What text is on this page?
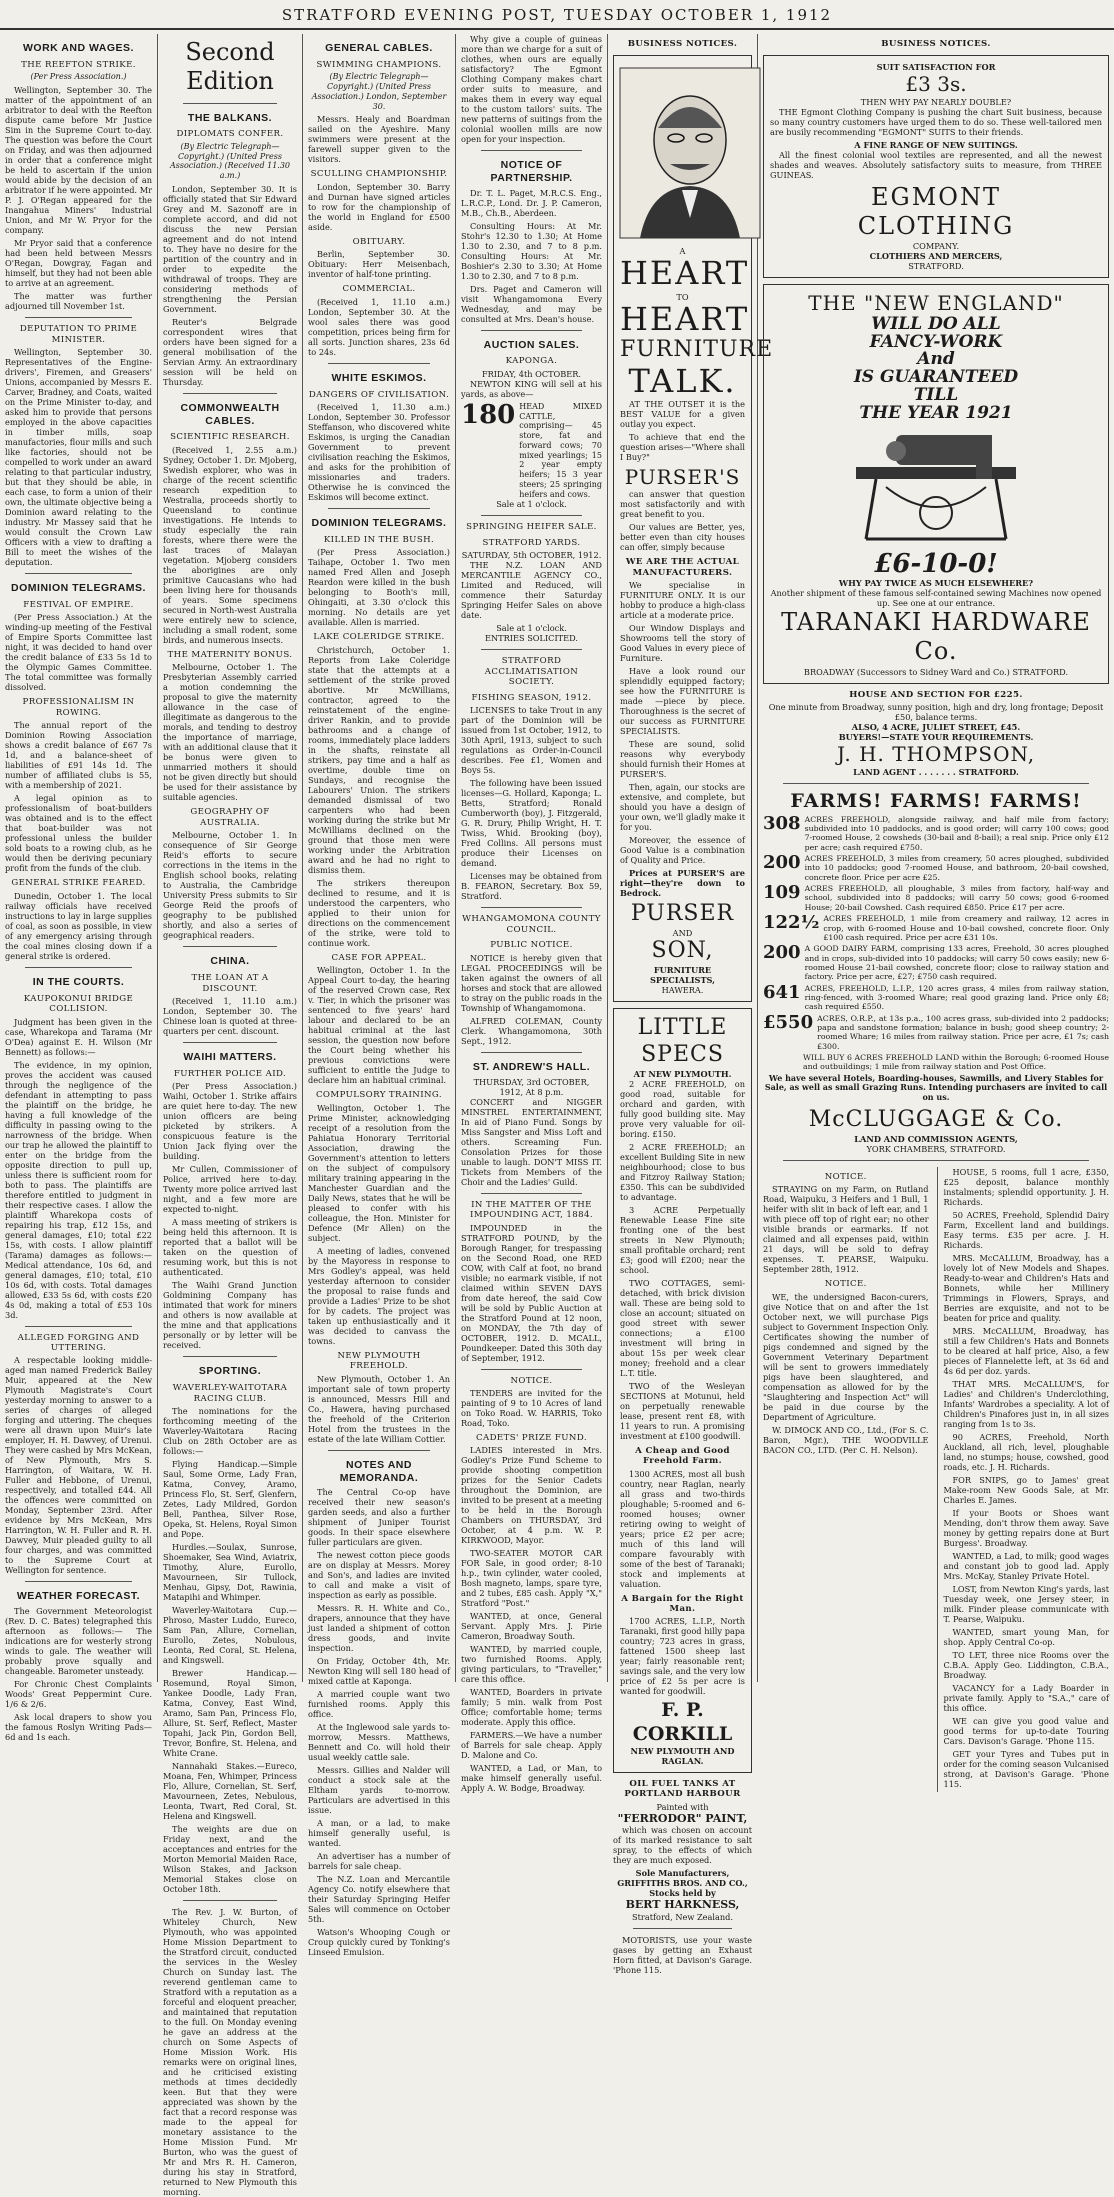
STRATFORD EVENING POST, TUESDAY OCTOBER 1, 1912
WORK AND WAGES.
THE REEFTON STRIKE.
(Per Press Association.)

Wellington, September 30. The matter of the appointment of an arbitrator to deal with the Reefton dispute came before Mr Justice Sim in the Supreme Court to-day. The question was before the Court on Friday, and was then adjourned in order that a conference might be held to ascertain if the union would abide by the decision of an arbitrator if he were appointed. Mr P. J. O'Regan appeared for the Inangahua Miners' Industrial Union, and Mr W. Pryor for the company.

Mr Pryor said that a conference had been held between Messrs O'Regan, Dowgray, Fagan and himself, but they had not been able to arrive at an agreement.

The matter was further adjourned till November 1st.

DEPUTATION TO PRIME MINISTER.

Wellington, September 30. Representatives of the Engine-drivers', Firemen, and Greasers' Unions, accompanied by Messrs E. Carver, Bradney, and Coats, waited on the Prime Minister to-day, and asked him to provide that persons employed in the above capacities in timber mills, soap manufactories, flour mills and such like factories, should not be compelled to work under an award relating to that particular industry, but that they should be able, in each case, to form a union of their own, the ultimate objective being a Dominion award relating to the industry. Mr Massey said that he would consult the Crown Law Officers with a view to drafting a Bill to meet the wishes of the deputation.

DOMINION TELEGRAMS.
FESTIVAL OF EMPIRE.

(Per Press Association.) At the winding-up meeting of the Festival of Empire Sports Committee last night, it was decided to hand over the credit balance of £33 5s 1d to the Olympic Games Committee. The total committee was formally dissolved.

PROFESSIONALISM IN ROWING.

The annual report of the Dominion Rowing Association shows a credit balance of £67 7s 1d, and a balance-sheet of liabilities of £91 14s 1d. The number of affiliated clubs is 55, with a membership of 2021.

A legal opinion as to professionalism of boat-builders was obtained and is to the effect that boat-builder was not professional unless the builder sold boats to a rowing club, as he would then be deriving pecuniary profit from the funds of the club.

GENERAL STRIKE FEARED.

Dunedin, October 1. The local railway officials have received instructions to lay in large supplies of coal, as soon as possible, in view of any emergency arising through the coal mines closing down if a general strike is ordered.

IN THE COURTS.
KAUPOKONUI BRIDGE COLLISION.

Judgment has been given in the case, Wharekopa and Tarama (Mr O'Dea) against E. H. Wilson (Mr Bennett) as follows:—

The evidence, in my opinion, proves the accident was caused through the negligence of the defendant in attempting to pass the plaintiff on the bridge, he having a full knowledge of the difficulty in passing owing to the narrowness of the bridge. When our trap he allowed the plaintiff to enter on the bridge from the opposite direction to pull up, unless there is sufficient room for both to pass. The plaintiffs are therefore entitled to judgment in their respective cases. I allow the plaintiff Wharekopa costs of repairing his trap, £12 15s, and general damages, £10; total £22 15s, with costs. I allow plaintiff (Tarama) damages as follows:—Medical attendance, 10s 6d, and general damages, £10; total, £10 10s 6d, with costs. Total damages allowed, £33 5s 6d, with costs £20 4s 0d, making a total of £53 10s 3d.

ALLEGED FORGING AND UTTERING.

A respectable looking middle-aged man named Frederick Bailey Muir, appeared at the New Plymouth Magistrate's Court yesterday morning to answer to a series of charges of alleged forging and uttering. The cheques were all drawn upon Muir's late employer, H. H. Dawvey, of Urenui. They were cashed by Mrs McKean, of New Plymouth, Mrs S. Harrington, of Waitara, W. H. Fuller and Hebbone, of Urenui, respectively, and totalled £44. All the offences were committed on Monday, September 23rd. After evidence by Mrs McKean, Mrs Harrington, W. H. Fuller and R. H. Dawvey, Muir pleaded guilty to all four charges, and was committed to the Supreme Court at Wellington for sentence.

WEATHER FORECAST.

The Government Meteorologist (Rev. D. C. Bates) telegraphed this afternoon as follows:— The indications are for westerly strong winds to gale. The weather will probably prove squally and changeable. Barometer unsteady.

For Chronic Chest Complaints Woods' Great Peppermint Cure. 1/6 & 2/6.

Ask local drapers to show you the famous Roslyn Writing Pads—6d and 1s each.

Second Edition
THE BALKANS.
DIPLOMATS CONFER.
(By Electric Telegraph—Copyright.) (United Press Association.) (Received 11.30 a.m.)

London, September 30. It is officially stated that Sir Edward Grey and M. Sazonoff are in complete accord, and did not discuss the new Persian agreement and do not intend to. They have no desire for the partition of the country and in order to expedite the withdrawal of troops. They are considering methods of strengthening the Persian Government.

Reuter's Belgrade correspondent wires that orders have been signed for a general mobilisation of the Servian Army. An extraordinary session will be held on Thursday.

COMMONWEALTH CABLES.
SCIENTIFIC RESEARCH.

(Received 1, 2.55 a.m.) Sydney, October 1. Dr. Mjoberg, Swedish explorer, who was in charge of the recent scientific research expedition to Westralia, proceeds shortly to Queensland to continue investigations. He intends to study especially the rain forests, where there were the last traces of Malayan vegetation. Mjoberg considers the aborigines are only primitive Caucasians who had been living here for thousands of years. Some specimens secured in North-west Australia were entirely new to science, including a small rodent, some birds, and numerous insects.

THE MATERNITY BONUS.

Melbourne, October 1. The Presbyterian Assembly carried a motion condemning the proposal to give the maternity allowance in the case of illegitimate as dangerous to the morals, and tending to destroy the importance of marriage, with an additional clause that it be bonus were given to unmarried mothers it should not be given directly but should be used for their assistance by suitable agencies.

GEOGRAPHY OF AUSTRALIA.

Melbourne, October 1. In consequence of Sir George Reid's efforts to secure corrections in the items in the English school books, relating to Australia, the Cambridge University Press submits to Sir George Reid the proofs of geography to be published shortly, and also a series of geographical readers.

CHINA.
THE LOAN AT A DISCOUNT.

(Received 1, 11.10 a.m.) London, September 30. The Chinese loan is quoted at three-quarters per cent. discount.

WAIHI MATTERS.
FURTHER POLICE AID.

(Per Press Association.) Waihi, October 1. Strike affairs are quiet here to-day. The new union officers are being picketed by strikers. A conspicuous feature is the Union Jack flying over the building.

Mr Cullen, Commissioner of Police, arrived here to-day. Twenty more police arrived last night, and a few more are expected to-night.

A mass meeting of strikers is being held this afternoon. It is reported that a ballot will be taken on the question of resuming work, but this is not authenticated.

The Waihi Grand Junction Goldmining Company has intimated that work for miners and others is now available at the mine and that applications personally or by letter will be received.

SPORTING.
WAVERLEY-WAITOTARA RACING CLUB.

The nominations for the forthcoming meeting of the Waverley-Waitotara Racing Club on 28th October are as follows:—

Flying Handicap.—Simple Saul, Some Orme, Lady Fran, Katma, Convey, Aramo, Princess Flo, St. Serf, Glenfern, Zetes, Lady Mildred, Gordon Bell, Panthea, Silver Rose, Opeka, St. Helens, Royal Simon and Pope.

Hurdles.—Soulax, Sunrose, Shoemaker, Sea Wind, Aviatrix, Timothy, Alure, Eurollo, Mavourneen, Sir Tullock, Menhau, Gipsy, Dot, Rawinia, Matapihi and Whimper.

Waverley-Waitotara Cup.—Phroso, Master Luddo, Eureco, Sam Pan, Allure, Cornelian, Eurollo, Zetes, Nobulous, Leonta, Red Coral, St. Helena, and Kingswell.

Brewer Handicap.—Rosemund, Royal Simon, Yankee Doodle, Lady Fran, Katma, Convey, East Wind, Aramo, Sam Pan, Princess Flo, Allure, St. Serf, Reflect, Master Topahi, Jack Pin, Gordon Bell, Trevor, Bonfire, St. Helena, and White Crane.

Nannahaki Stakes.—Eureco, Moana, Fen, Whimper, Princess Flo, Allure, Cornelian, St. Serf, Mavourneen, Zetes, Nebulous, Leonta, Twart, Red Coral, St. Helena and Kingswell.

The weights are due on Friday next, and the acceptances and entries for the Morton Memorial Maiden Race, Wilson Stakes, and Jackson Memorial Stakes close on October 18th.

The Rev. J. W. Burton, of Whiteley Church, New Plymouth, who was appointed Home Mission Department to the Stratford circuit, conducted the services in the Wesley Church on Sunday last. The reverend gentleman came to Stratford with a reputation as a forceful and eloquent preacher, and maintained that reputation to the full. On Monday evening he gave an address at the church on Some Aspects of Home Mission Work. His remarks were on original lines, and he criticised existing methods at times decidedly keen. But that they were appreciated was shown by the fact that a record response was made to the appeal for monetary assistance to the Home Mission Fund. Mr Burton, who was the guest of Mr and Mrs R. H. Cameron, during his stay in Stratford, returned to New Plymouth this morning.

GENERAL CABLES.
SWIMMING CHAMPIONS.
(By Electric Telegraph—Copyright.) (United Press Association.) London, September 30.

Messrs. Healy and Boardman sailed on the Ayeshire. Many swimmers were present at the farewell supper given to the visitors.

SCULLING CHAMPIONSHIP.

London, September 30. Barry and Durnan have signed articles to row for the championship of the world in England for £500 aside.

OBITUARY.

Berlin, September 30. Obituary: Herr Meisenbach, inventor of half-tone printing.

COMMERCIAL.

(Received 1, 11.10 a.m.) London, September 30. At the wool sales there was good competition, prices being firm for all sorts. Junction shares, 23s 6d to 24s.

WHITE ESKIMOS.
DANGERS OF CIVILISATION.

(Received 1, 11.30 a.m.) London, September 30. Professor Steffanson, who discovered white Eskimos, is urging the Canadian Government to prevent civilisation reaching the Eskimos, and asks for the prohibition of missionaries and traders. Otherwise he is convinced the Eskimos will become extinct.

DOMINION TELEGRAMS.
KILLED IN THE BUSH.

(Per Press Association.) Taihape, October 1. Two men named Fred Allen and Joseph Reardon were killed in the bush belonging to Booth's mill, Ohingaiti, at 3.30 o'clock this morning. No details are yet available. Allen is married.

LAKE COLERIDGE STRIKE.

Christchurch, October 1. Reports from Lake Coleridge state that the attempts at a settlement of the strike proved abortive. Mr McWilliams, contractor, agreed to the reinstatement of the engine-driver Rankin, and to provide bathrooms and a change of rooms, immediately place ladders in the shafts, reinstate all strikers, pay time and a half as overtime, double time on Sundays, and recognise the Labourers' Union. The strikers demanded dismissal of two carpenters who had been working during the strike but Mr McWilliams declined on the ground that those men were working under the Arbitration award and he had no right to dismiss them.

The strikers thereupon declined to resume, and it is understood the carpenters, who applied to their union for directions on the commencement of the strike, were told to continue work.

CASE FOR APPEAL.

Wellington, October 1. In the Appeal Court to-day, the hearing of the reserved Crown case, Rex v. Tier, in which the prisoner was sentenced to five years' hard labour and declared to be an habitual criminal at the last session, the question now before the Court being whether his previous convictions were sufficient to entitle the Judge to declare him an habitual criminal.

COMPULSORY TRAINING.

Wellington, October 1. The Prime Minister, acknowledging receipt of a resolution from the Pahiatua Honorary Territorial Association, drawing the Government's attention to letters on the subject of compulsory military training appearing in the Manchester Guardian and the Daily News, states that he will be pleased to confer with his colleague, the Hon. Minister for Defence (Mr Allen) on the subject.

A meeting of ladies, convened by the Mayoress in response to Mrs Godley's appeal, was held yesterday afternoon to consider the proposal to raise funds and provide a Ladies' Prize to be shot for by cadets. The project was taken up enthusiastically and it was decided to canvass the towns.

NEW PLYMOUTH FREEHOLD.

New Plymouth, October 1. An important sale of town property is announced, Messrs Hill and Co., Hawera, having purchased the freehold of the Criterion Hotel from the trustees in the estate of the late William Cottier.

NOTES AND MEMORANDA.

The Central Co-op have received their new season's garden seeds, and also a further shipment of Juniper Tourist goods. In their space elsewhere fuller particulars are given.

The newest cotton piece goods are on display at Messrs. Morey and Son's, and ladies are invited to call and make a visit of inspection as early as possible.

Messrs. R. H. White and Co., drapers, announce that they have just landed a shipment of cotton dress goods, and invite inspection.

On Friday, October 4th, Mr. Newton King will sell 180 head of mixed cattle at Kaponga.

A married couple want two furnished rooms. Apply this office.

At the Inglewood sale yards to-morrow, Messrs. Matthews, Bennett and Co. will hold their usual weekly cattle sale.

Messrs. Gillies and Nalder will conduct a stock sale at the Eltham yards to-morrow. Particulars are advertised in this issue.

A man, or a lad, to make himself generally useful, is wanted.

An advertiser has a number of barrels for sale cheap.

The N.Z. Loan and Mercantile Agency Co. notify elsewhere that their Saturday Springing Heifer Sales will commence on October 5th.

Watson's Whooping Cough or Croup quickly cured by Tonking's Linseed Emulsion.

Why give a couple of guineas more than we charge for a suit of clothes, when ours are equally satisfactory? The Egmont Clothing Company makes chart order suits to measure, and makes them in every way equal to the custom tailors' suits. The new patterns of suitings from the colonial woollen mills are now open for your inspection.

NOTICE OF PARTNERSHIP.

Dr. T. L. Paget, M.R.C.S. Eng., L.R.C.P., Lond. Dr. J. P. Cameron, M.B., Ch.B., Aberdeen.

Consulting Hours: At Mr. Stohr's 12.30 to 1.30; At Home 1.30 to 2.30, and 7 to 8 p.m. Consulting Hours: At Mr. Boshier's 2.30 to 3.30; At Home 1.30 to 2.30, and 7 to 8 p.m.

Drs. Paget and Cameron will visit Whangamomona Every Wednesday, and may be consulted at Mrs. Dean's house.

AUCTION SALES.
KAPONGA.
FRIDAY, 4th OCTOBER.

NEWTON KING will sell at his yards, as above—

180 HEAD MIXED CATTLE, comprising— 45 store, fat and forward cows; 70 mixed yearlings; 15 2 year empty heifers; 15 3 year steers; 25 springing heifers and cows.
Sale at 1 o'clock.
SPRINGING HEIFER SALE.
STRATFORD YARDS.
SATURDAY, 5th OCTOBER, 1912.

THE N.Z. LOAN AND MERCANTILE AGENCY CO., Limited and Reduced, will commence their Saturday Springing Heifer Sales on above date.

Sale at 1 o'clock.
ENTRIES SOLICITED.
STRATFORD ACCLIMATISATION SOCIETY.
FISHING SEASON, 1912.

LICENSES to take Trout in any part of the Dominion will be issued from 1st October, 1912, to 30th April, 1913, subject to such regulations as Order-in-Council describes. Fee £1, Women and Boys 5s.

The following have been issued licenses—G. Hollard, Kaponga; L. Betts, Stratford; Ronald Cumberworth (boy), J. Fitzgerald, G. R. Drury, Philip Wright, H. T. Twiss, Whid. Brooking (boy), Fred Collins. All persons must produce their Licenses on demand.

Licenses may be obtained from B. FEARON, Secretary. Box 59, Stratford.

WHANGAMOMONA COUNTY COUNCIL.
PUBLIC NOTICE.

NOTICE is hereby given that LEGAL PROCEEDINGS will be taken against the owners of all horses and stock that are allowed to stray on the public roads in the Township of Whangamomona.

ALFRED COLEMAN, County Clerk. Whangamomona, 30th Sept., 1912.

ST. ANDREW'S HALL.
THURSDAY, 3rd OCTOBER, 1912, At 8 p.m.

CONCERT and NIGGER MINSTREL ENTERTAINMENT, In aid of Piano Fund. Songs by Miss Sangster and Miss Loft and others. Screaming Fun. Consolation Prizes for those unable to laugh. DON'T MISS IT. Tickets from Members of the Choir and the Ladies' Guild.

IN THE MATTER OF THE IMPOUNDING ACT, 1884.

IMPOUNDED in the STRATFORD POUND, by the Borough Ranger, for trespassing on the Second Road, one RED COW, with Calf at foot, no brand visible; no earmark visible, if not claimed within SEVEN DAYS from date hereof, the said Cow will be sold by Public Auction at the Stratford Pound at 12 noon, on MONDAY, the 7th day of OCTOBER, 1912. D. MCALL, Poundkeeper. Dated this 30th day of September, 1912.

NOTICE.

TENDERS are invited for the painting of 9 to 10 Acres of land on Toko Road. W. HARRIS, Toko Road, Toko.

CADETS' PRIZE FUND.

LADIES interested in Mrs. Godley's Prize Fund Scheme to provide shooting competition prizes for the Senior Cadets throughout the Dominion, are invited to be present at a meeting to be held in the Borough Chambers on THURSDAY, 3rd October, at 4 p.m. W. P. KIRKWOOD, Mayor.

TWO-SEATER MOTOR CAR FOR Sale, in good order; 8-10 h.p., twin cylinder, water cooled, Bosh magneto, lamps, spare tyre, and 2 tubes, £85 cash. Apply "X," Stratford "Post."

WANTED, at once, General Servant. Apply Mrs. J. Pirie Cameron, Broadway South.

WANTED, by married couple, two furnished Rooms. Apply, giving particulars, to "Traveller," care this office.

WANTED, Boarders in private family; 5 min. walk from Post Office; comfortable home; terms moderate. Apply this office.

FARMERS.—We have a number of Barrels for sale cheap. Apply D. Malone and Co.

WANTED, a Lad, or Man, to make himself generally useful. Apply A. W. Bodge, Broadway.

BUSINESS NOTICES.
A
HEART
TO
HEART
FURNITURE
TALK.

AT THE OUTSET it is the BEST VALUE for a given outlay you expect.

To achieve that end the question arises—"Where shall I Buy?"

PURSER'S

can answer that question most satisfactorily and with great benefit to you.

Our values are Better, yes, better even than city houses can offer, simply because

WE ARE THE ACTUAL MANUFACTURERS.

We specialise in FURNITURE ONLY. It is our hobby to produce a high-class article at a moderate price.

Our Window Displays and Showrooms tell the story of Good Values in every piece of Furniture.

Have a look round our splendidly equipped factory; see how the FURNITURE is made —piece by piece. Thoroughness is the secret of our success as FURNITURE SPECIALISTS.

These are sound, solid reasons why everybody should furnish their Homes at PURSER'S.

Then, again, our stocks are extensive, and complete, but should you have a design of your own, we'll gladly make it for you.

Moreover, the essence of Good Value is a combination of Quality and Price.

Prices at PURSER'S are right—they're down to Bedrock.

PURSER
AND
SON,
FURNITURE SPECIALISTS,
HAWERA.
LITTLE SPECS
AT NEW PLYMOUTH.

2 ACRE FREEHOLD, on good road, suitable for orchard and garden, with fully good building site. May prove very valuable for oil-boring. £150.

2 ACRE FREEHOLD; an excellent Building Site in new neighbourhood; close to bus and Fitzroy Railway Station; £350. This can be subdivided to advantage.

3 ACRE Perpetually Renewable Lease Fine site fronting one of the best streets in New Plymouth; small profitable orchard; rent £3; good will £200; near the school.

TWO COTTAGES, semi-detached, with brick division wall. These are being sold to close an account; situated on good street with sewer connections; a £100 investment will bring in about 15s per week clear money; freehold and a clear L.T. title.

TWO of the Wesleyan SECTIONS at Motunui, held on perpetually renewable lease, present rent £8, with 11 years to run. A promising investment at £100 goodwill.

A Cheap and Good Freehold Farm.

1300 ACRES, most all bush country, near Raglan, nearly all grass and two-thirds ploughable; 5-roomed and 6-roomed houses; owner retiring owing to weight of years; price £2 per acre; much of this land will compare favourably with some of the best of Taranaki; stock and implements at valuation.

A Bargain for the Right Man.

1700 ACRES, L.I.P., North Taranaki, first good hilly papa country; 723 acres in grass, fattened 1500 sheep last year; fairly reasonable rent; savings sale, and the very low price of £2 5s per acre is wanted for goodwill.

F. P. CORKILL
NEW PLYMOUTH AND RAGLAN.
OIL FUEL TANKS AT PORTLAND HARBOUR
Painted with
"FERRODOR" PAINT,

which was chosen on account of its marked resistance to salt spray, to the effects of which they are much exposed.

Sole Manufacturers, GRIFFITHS BROS. AND CO., Stocks held by
BERT HARKNESS,
Stratford, New Zealand.

MOTORISTS, use your waste gases by getting an Exhaust Horn fitted, at Davison's Garage. 'Phone 115.

BUSINESS NOTICES.
SUIT SATISFACTION FOR
£3 3s.
THEN WHY PAY NEARLY DOUBLE?

THE Egmont Clothing Company is pushing the chart Suit business, because so many country customers have urged them to do so. These well-tailored men are busily recommending "EGMONT" SUITS to their friends.

A FINE RANGE OF NEW SUITINGS.

All the finest colonial wool textiles are represented, and all the newest shades and weaves. Absolutely satisfactory suits to measure, from THREE GUINEAS.

EGMONT
CLOTHING
COMPANY.
CLOTHIERS AND MERCERS,
STRATFORD.
THE "NEW ENGLAND"
WILL DO ALL
FANCY-WORK
And
IS GUARANTEED
TILL
THE YEAR 1921
£6-10-0!
WHY PAY TWICE AS MUCH ELSEWHERE?
Another shipment of these famous self-contained sewing Machines now opened up. See one at our entrance.
TARANAKI HARDWARE Co.
BROADWAY (Successors to Sidney Ward and Co.) STRATFORD.
HOUSE AND SECTION FOR £225.
One minute from Broadway, sunny position, high and dry, long frontage; Deposit £50, balance terms.
ALSO, 4 ACRE, JULIET STREET, £45.
BUYERS!—STATE YOUR REQUIREMENTS.
J. H. THOMPSON,
LAND AGENT . . . . . . . STRATFORD.
FARMS! FARMS! FARMS!
308 ACRES FREEHOLD, alongside railway, and half mile from factory; subdivided into 10 paddocks, and is good order; will carry 100 cows; good 7-roomed House, 2 cowsheds (30-bail and 8-bail); a real snip. Price only £12 per acre; cash required £750.
200 ACRES FREEHOLD, 3 miles from creamery, 50 acres ploughed, subdivided into 10 paddocks; good 7-roomed House, and bathroom, 20-bail cowshed, concrete floor. Price per acre £25.
109 ACRES FREEHOLD, all ploughable, 3 miles from factory, half-way and school, subdivided into 8 paddocks; will carry 50 cows; good 6-roomed House; 20-bail Cowshed. Cash required £850. Price £17 per acre.
122½ ACRES FREEHOLD, 1 mile from creamery and railway, 12 acres in crop, with 6-roomed House and 10-bail cowshed, concrete floor. Only £100 cash required. Price per acre £31 10s.
200 A GOOD DAIRY FARM, comprising 133 acres, Freehold, 30 acres ploughed and in crops, sub-divided into 10 paddocks; will carry 50 cows easily; new 6-roomed House 21-bail cowshed, concrete floor; close to railway station and factory. Price per acre, £27; £750 cash required.
641 ACRES, FREEHOLD, L.I.P., 120 acres grass, 4 miles from railway station, ring-fenced, with 3-roomed Whare; real good grazing land. Price only £8; cash required £550.
£550 ACRES, O.R.P., at 13s p.a., 100 acres grass, sub-divided into 2 paddocks; papa and sandstone formation; balance in bush; good sheep country; 2-roomed Whare; 16 miles from railway station. Price per acre, £1 7s; cash £300.
WILL BUY 6 ACRES FREEHOLD LAND within the Borough; 6-roomed House and outbuildings; 1 mile from railway station and Post Office.
We have several Hotels, Boarding-houses, Sawmills, and Livery Stables for Sale, as well as small Grazing Runs. Intending purchasers are invited to call on us.
McCLUGGAGE & Co.
LAND AND COMMISSION AGENTS,
YORK CHAMBERS, STRATFORD.
NOTICE.

STRAYING on my Farm, on Rutland Road, Waipuku, 3 Heifers and 1 Bull, 1 heifer with slit in back of left ear, and 1 with piece off top of right ear; no other visible brands or earmarks. If not claimed and all expenses paid, within 21 days, will be sold to defray expenses. T. PEARSE, Waipuku. September 28th, 1912.

NOTICE.

WE, the undersigned Bacon-curers, give Notice that on and after the 1st October next, we will purchase Pigs subject to Government Inspection Only. Certificates showing the number of pigs condemned and signed by the Government Veterinary Department will be sent to growers immediately pigs have been slaughtered, and compensation as allowed for by the "Slaughtering and Inspection Act" will be paid in due course by the Department of Agriculture.

W. DIMOCK AND CO., Ltd., (For S. C. Baron, Mgr.), THE WOODVILLE BACON CO., LTD. (Per C. H. Nelson).

HOUSE, 5 rooms, full 1 acre, £350, £25 deposit, balance monthly instalments; splendid opportunity. J. H. Richards.

50 ACRES, Freehold, Splendid Dairy Farm, Excellent land and buildings. Easy terms. £35 per acre. J. H. Richards.

MRS. McCALLUM, Broadway, has a lovely lot of New Models and Shapes. Ready-to-wear and Children's Hats and Bonnets, while her Millinery Trimmings in Flowers, Sprays, and Berries are exquisite, and not to be beaten for price and quality.

MRS. McCALLUM, Broadway, has still a few Children's Hats and Bonnets to be cleared at half price, Also, a few pieces of Flannelette left, at 3s 6d and 4s 6d per doz. yards.

THAT MRS. McCALLUM'S, for Ladies' and Children's Underclothing, Infants' Wardrobes a speciality. A lot of Children's Pinafores just in, in all sizes ranging from 1s to 3s.

90 ACRES, Freehold, North Auckland, all rich, level, ploughable land, no stumps; house, cowshed, good roads, etc. J. H. Richards.

FOR SNIPS, go to James' great Make-room New Goods Sale, at Mr. Charles E. James.

If your Boots or Shoes want Mending, don't throw them away. Save money by getting repairs done at Burt Burgess'. Broadway.

WANTED, a Lad, to milk; good wages and constant job to good lad. Apply Mrs. McKay, Stanley Private Hotel.

LOST, from Newton King's yards, last Tuesday week, one Jersey steer, in milk. Finder please communicate with T. Pearse, Waipuku.

WANTED, smart young Man, for shop. Apply Central Co-op.

TO LET, three nice Rooms over the C.B.A. Apply Geo. Liddington, C.B.A., Broadway.

VACANCY for a Lady Boarder in private family. Apply to "S.A.," care of this office.

WE can give you good value and good terms for up-to-date Touring Cars. Davison's Garage. 'Phone 115.

GET your Tyres and Tubes put in order for the coming season Vulcanised strong, at Davison's Garage. 'Phone 115.
